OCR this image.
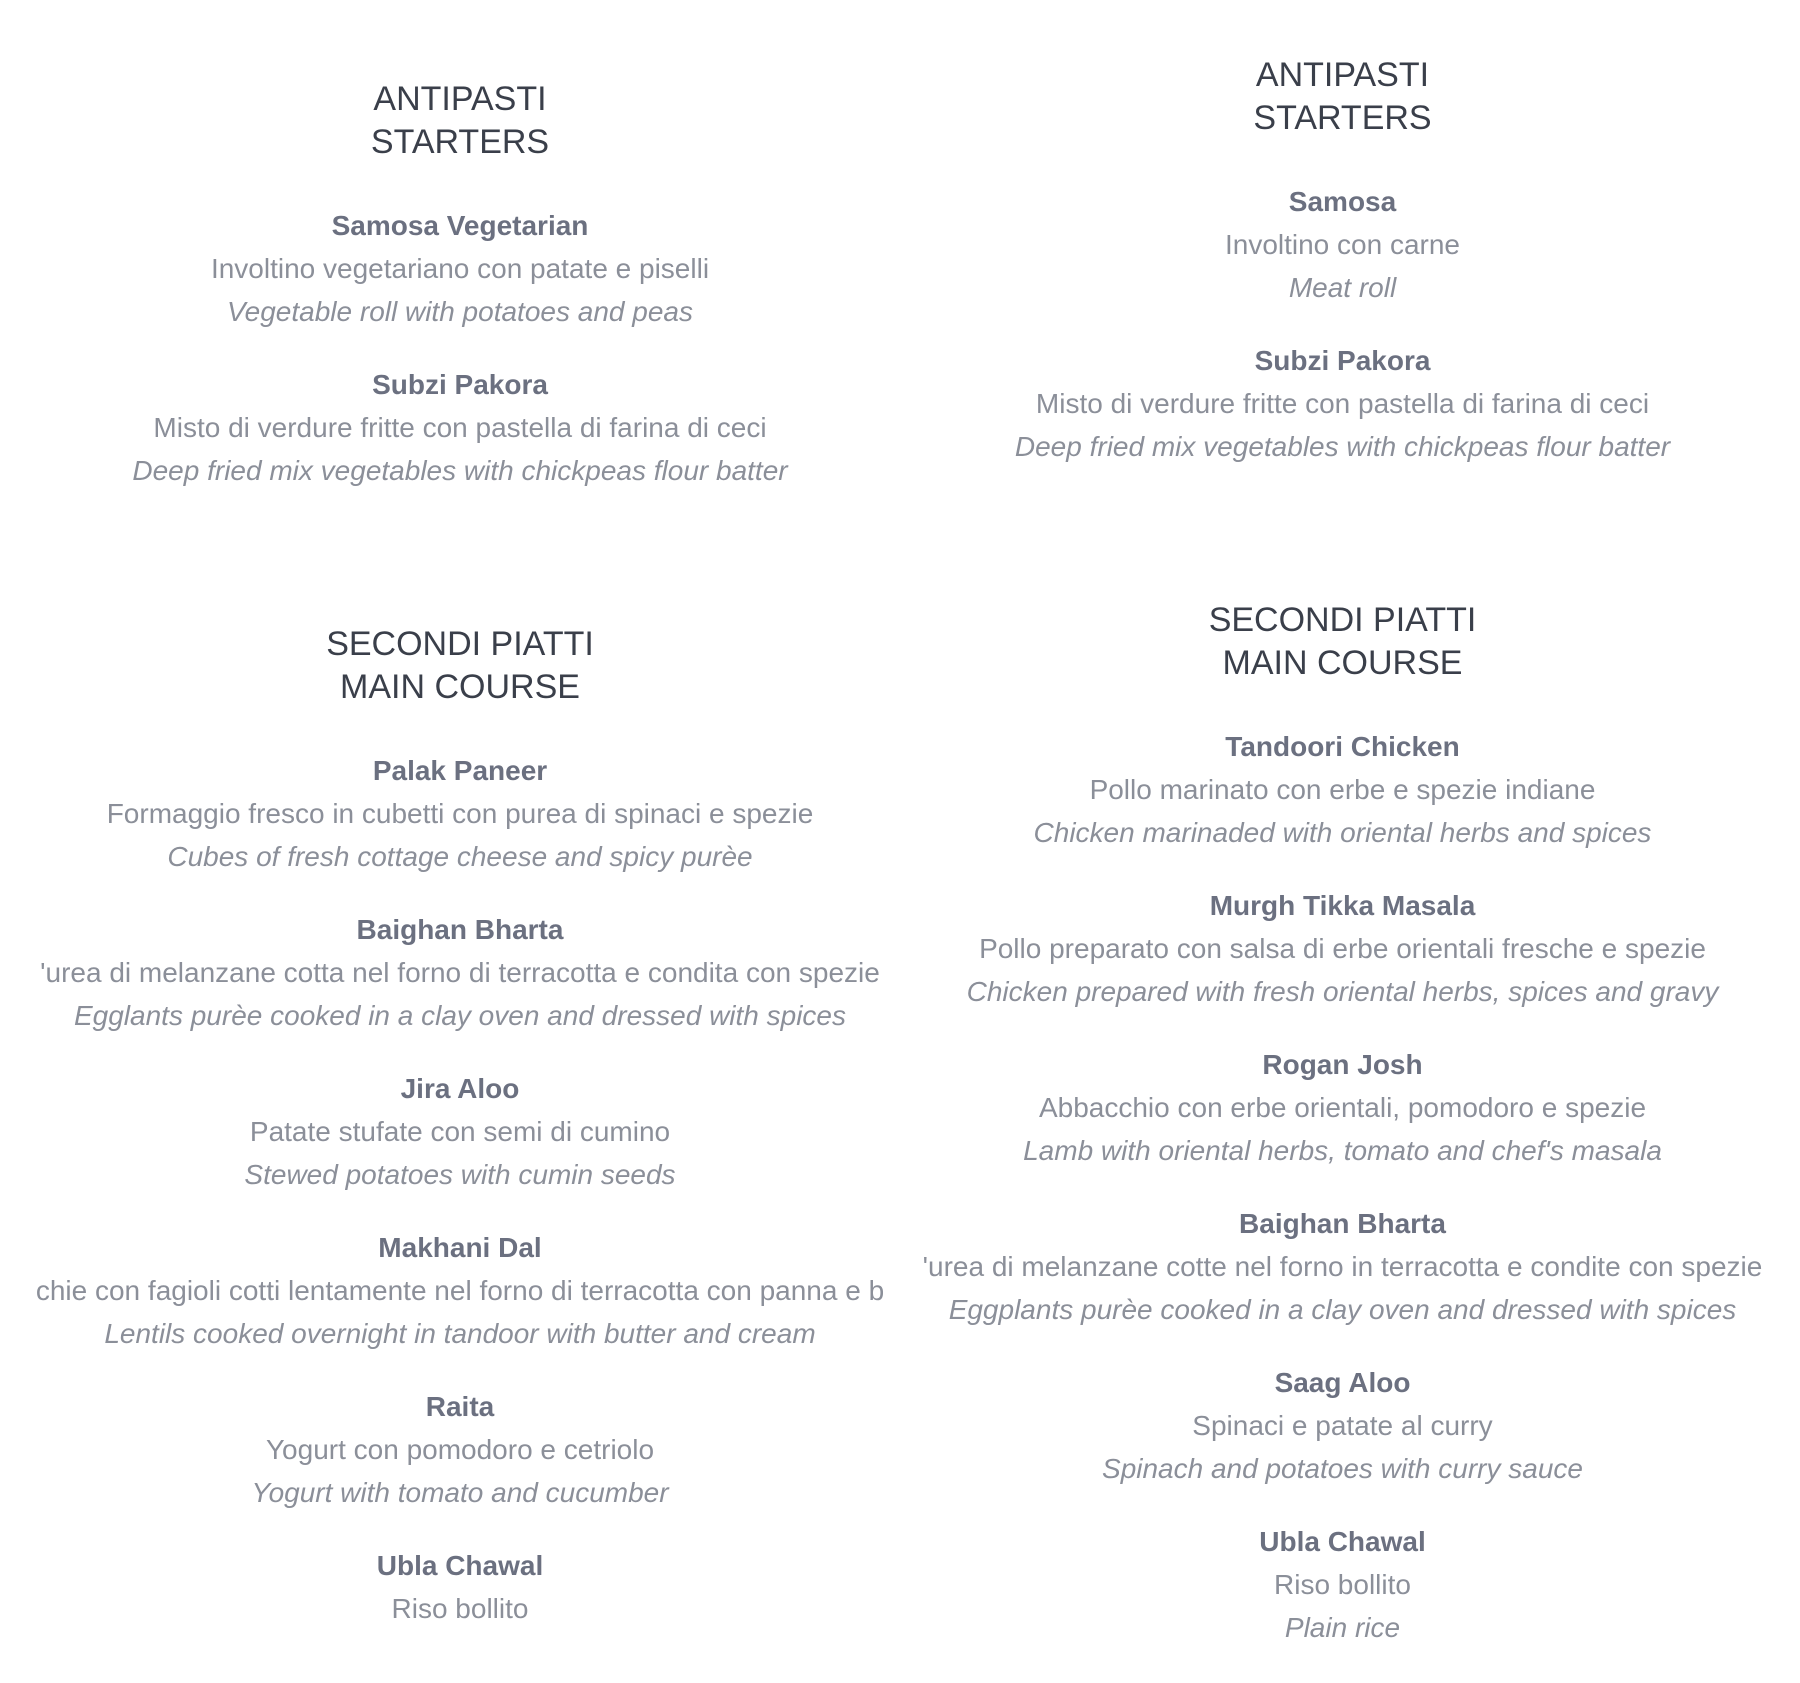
ANTIPASTI
STARTERS
Samosa Vegetarian
Involtino vegetariano con patate e piselli
Vegetable roll with potatoes and peas
Subzi Pakora
Misto di verdure fritte con pastella di farina di ceci
Deep fried mix vegetables with chickpeas flour batter
SECONDI PIATTI
MAIN COURSE
Palak Paneer
Formaggio fresco in cubetti con purea di spinaci e spezie
Cubes of fresh cottage cheese and spicy purèe
Baighan Bharta
'urea di melanzane cotta nel forno di terracotta e condita con spezie
Egglants purèe cooked in a clay oven and dressed with spices
Jira Aloo
Patate stufate con semi di cumino
Stewed potatoes with cumin seeds
Makhani Dal
chie con fagioli cotti lentamente nel forno di terracotta con panna e b
Lentils cooked overnight in tandoor with butter and cream
Raita
Yogurt con pomodoro e cetriolo
Yogurt with tomato and cucumber
Ubla Chawal
Riso bollito
ANTIPASTI
STARTERS
Samosa
Involtino con carne
Meat roll
Subzi Pakora
Misto di verdure fritte con pastella di farina di ceci
Deep fried mix vegetables with chickpeas flour batter
SECONDI PIATTI
MAIN COURSE
Tandoori Chicken
Pollo marinato con erbe e spezie indiane
Chicken marinaded with oriental herbs and spices
Murgh Tikka Masala
Pollo preparato con salsa di erbe orientali fresche e spezie
Chicken prepared with fresh oriental herbs, spices and gravy
Rogan Josh
Abbacchio con erbe orientali, pomodoro e spezie
Lamb with oriental herbs, tomato and chef's masala
Baighan Bharta
'urea di melanzane cotte nel forno in terracotta e condite con spezie
Eggplants purèe cooked in a clay oven and dressed with spices
Saag Aloo
Spinaci e patate al curry
Spinach and potatoes with curry sauce
Ubla Chawal
Riso bollito
Plain rice
